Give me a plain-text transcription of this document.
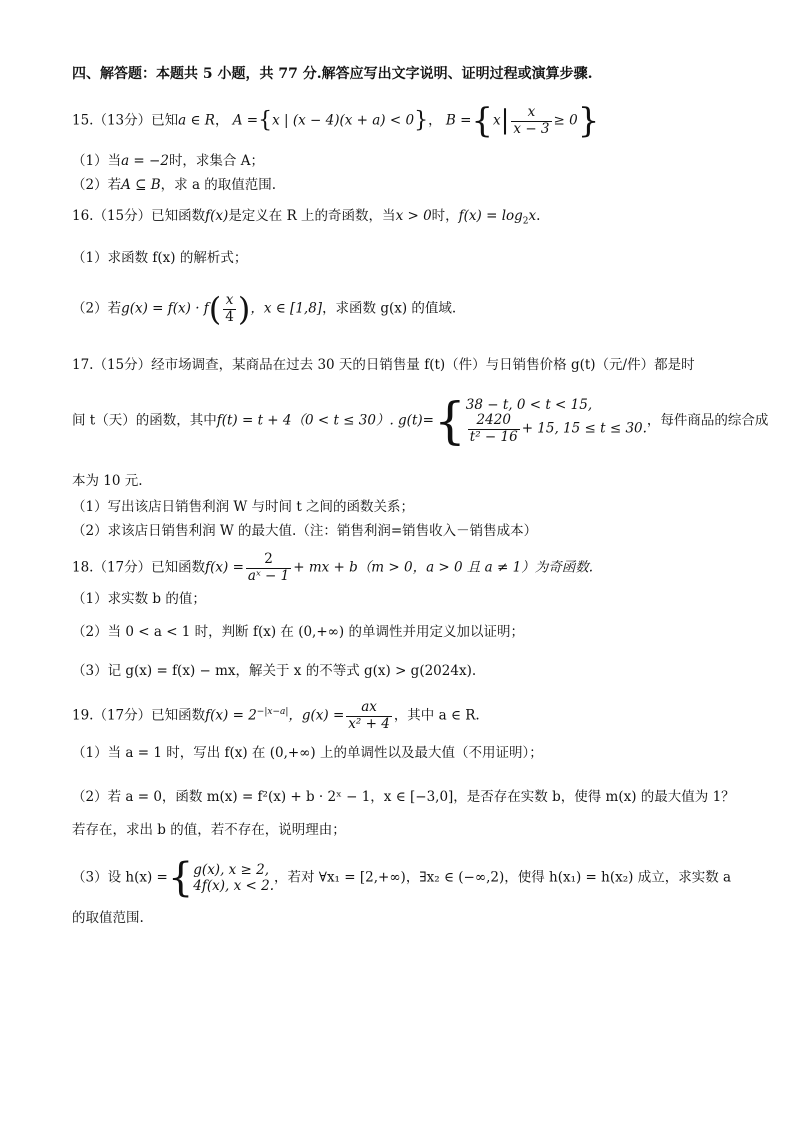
四、解答题：本题共 5 小题，共 77 分.解答应写出文字说明、证明过程或演算步骤.
15.（13分）已知a ∈ R， A ={x | (x − 4)(x + a) < 0}， $B =\{x| \frac{x}{x - 3} \ge 0\}$
（1）当a = −2时，求集合 A；
（2）若A ⊆ B，求 a 的取值范围.
16.（15分）已知函数f(x)是定义在 R 上的奇函数，当x > 0时，$f(x) = \log_2x$.
（1）求函数 f(x) 的解析式；
（2）若$g(x) = f(x) \cdot f( \frac{x}{4}$ )，x ∈ [1,8]，求函数 g(x) 的值域.
17.（15分）经市场调查，某商品在过去 30 天的日销售量 f(t)（件）与日销售价格 g(t)（元/件）都是时
间 t（天）的函数，其中f(t) = t + 4（0 < t ≤ 30）. g(t)={ 38 − t, 0 < t < 15,
$\frac{2420}{\text{t² − 16}} + 15$, 15 ≤ t ≤ 30.
，每件商品的综合成
本为 10 元.
（1）写出该店日销售利润 W 与时间 t 之间的函数关系；
（2）求该店日销售利润 W 的最大值.（注：销售利润=销售收入－销售成本）
18.（17分）已知函数$f(x) = \frac{2}{\text{aˣ − 1}}$ + mx + b（m > 0，a > 0 且 a ≠ 1）为奇函数.
（1）求实数 b 的值；
（2）当 0 < a < 1 时，判断 f(x) 在 (0,+∞) 的单调性并用定义加以证明；
（3）记 g(x) = f(x) − mx，解关于 x 的不等式 g(x) > g(2024x).
19.（17分）已知函数$f(x) = 2^{-|x-a|}$，$g(x) = \frac{ax}{\text{x² + 4}}$ ，其中 a ∈ R.
（1）当 a = 1 时，写出 f(x) 在 (0,+∞) 上的单调性以及最大值（不用证明）；
（2）若 a = 0，函数 m(x) = f²(x) + b · 2ˣ − 1，x ∈ [−3,0]，是否存在实数 b，使得 m(x) 的最大值为 1？
若存在，求出 b 的值，若不存在，说明理由；
（3）设 h(x) ={ g(x), x ≥ 2,
4f(x), x < 2.
，若对 ∀x₁ = [2,+∞)，∃x₂ ∈ (−∞,2)，使得 h(x₁) = h(x₂) 成立，求实数 a
的取值范围.
